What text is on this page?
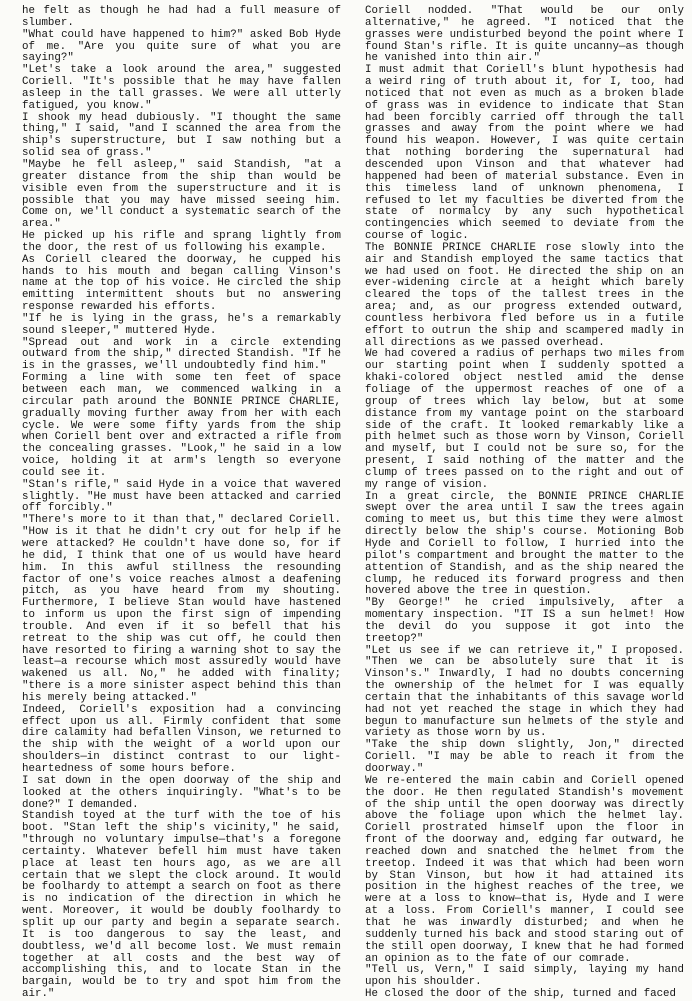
he felt as though he had had a full measure of slumber.

"What could have happened to him?" asked Bob Hyde of me. "Are you quite sure of what you are saying?"

"Let's take a look around the area," suggested Coriell. "It's possible that he may have fallen asleep in the tall grasses. We were all utterly fatigued, you know."

I shook my head dubiously. "I thought the same thing," I said, "and I scanned the area from the ship's superstructure, but I saw nothing but a solid sea of grass."

"Maybe he fell asleep," said Standish, "at a greater distance from the ship than would be visible even from the superstructure and it is possible that you may have missed seeing him. Come on, we'll conduct a systematic search of the area."

He picked up his rifle and sprang lightly from the door, the rest of us following his example.

As Coriell cleared the doorway, he cupped his hands to his mouth and began calling Vinson's name at the top of his voice. He circled the ship emitting intermittent shouts but no answering response rewarded his efforts.

"If he is lying in the grass, he's a remarkably sound sleeper," muttered Hyde.

"Spread out and work in a circle extending outward from the ship," directed Standish. "If he is in the grasses, we'll undoubtedly find him."

Forming a line with some ten feet of space between each man, we commenced walking in a circular path around the BONNIE PRINCE CHARLIE, gradually moving further away from her with each cycle. We were some fifty yards from the ship when Coriell bent over and extracted a rifle from the concealing grasses. "Look," he said in a low voice, holding it at arm's length so everyone could see it.

"Stan's rifle," said Hyde in a voice that wavered slightly. "He must have been attacked and carried off forcibly."

"There's more to it than that," declared Coriell. "How is it that he didn't cry out for help if he were attacked? He couldn't have done so, for if he did, I think that one of us would have heard him. In this awful stillness the resounding factor of one's voice reaches almost a deafening pitch, as you have heard from my shouting. Furthermore, I believe Stan would have hastened to inform us upon the first sign of impending trouble. And even if it so befell that his retreat to the ship was cut off, he could then have resorted to firing a warning shot to say the least—a recourse which most assuredly would have wakened us all. No," he added with finality; "there is a more sinister aspect behind this than his merely being attacked."

Indeed, Coriell's exposition had a convincing effect upon us all. Firmly confident that some dire calamity had befallen Vinson, we returned to the ship with the weight of a world upon our shoulders—in distinct contrast to our light-heartedness of some hours before.

I sat down in the open doorway of the ship and looked at the others inquiringly. "What's to be done?" I demanded.

Standish toyed at the turf with the toe of his boot. "Stan left the ship's vicinity," he said, "through no voluntary impulse—that's a foregone certainty. Whatever befell him must have taken place at least ten hours ago, as we are all certain that we slept the clock around. It would be foolhardy to attempt a search on foot as there is no indication of the direction in which he went. Moreover, it would be doubly foolhardy to split up our party and begin a separate search. It is too dangerous to say the least, and doubtless, we'd all become lost. We must remain together at all costs and the best way of accomplishing this, and to locate Stan in the bargain, would be to try and spot him from the air."

Coriell nodded. "That would be our only alternative," he agreed. "I noticed that the grasses were undisturbed beyond the point where I found Stan's rifle. It is quite uncanny—as though he vanished into thin air."

I must admit that Coriell's blunt hypothesis had a weird ring of truth about it, for I, too, had noticed that not even as much as a broken blade of grass was in evidence to indicate that Stan had been forcibly carried off through the tall grasses and away from the point where we had found his weapon. However, I was quite certain that nothing bordering the supernatural had descended upon Vinson and that whatever had happened had been of material substance. Even in this timeless land of unknown phenomena, I refused to let my faculties be diverted from the state of normalcy by any such hypothetical contingencies which seemed to deviate from the course of logic.

The BONNIE PRINCE CHARLIE rose slowly into the air and Standish employed the same tactics that we had used on foot. He directed the ship on an ever-widening circle at a height which barely cleared the tops of the tallest trees in the area; and, as our progress extended outward, countless herbivora fled before us in a futile effort to outrun the ship and scampered madly in all directions as we passed overhead.

We had covered a radius of perhaps two miles from our starting point when I suddenly spotted a khaki-colored object nestled amid the dense foliage of the uppermost reaches of one of a group of trees which lay below, but at some distance from my vantage point on the starboard side of the craft. It looked remarkably like a pith helmet such as those worn by Vinson, Coriell and myself, but I could not be sure so, for the present, I said nothing of the matter and the clump of trees passed on to the right and out of my range of vision.

In a great circle, the BONNIE PRINCE CHARLIE swept over the area until I saw the trees again coming to meet us, but this time they were almost directly below the ship's course. Motioning Bob Hyde and Coriell to follow, I hurried into the pilot's compartment and brought the matter to the attention of Standish, and as the ship neared the clump, he reduced its forward progress and then hovered above the tree in question.

"By George!" he cried impulsively, after a momentary inspection. "IT IS a sun helmet! How the devil do you suppose it got into the treetop?"

"Let us see if we can retrieve it," I proposed. "Then we can be absolutely sure that it is Vinson's." Inwardly, I had no doubts concerning the ownership of the helmet for I was equally certain that the inhabitants of this savage world had not yet reached the stage in which they had begun to manufacture sun helmets of the style and variety as those worn by us.

"Take the ship down slightly, Jon," directed Coriell. "I may be able to reach it from the doorway."

We re-entered the main cabin and Coriell opened the door. He then regulated Standish's movement of the ship until the open doorway was directly above the foliage upon which the helmet lay. Coriell prostrated himself upon the floor in front of the doorway and, edging far outward, he reached down and snatched the helmet from the treetop. Indeed it was that which had been worn by Stan Vinson, but how it had attained its position in the highest reaches of the tree, we were at a loss to know—that is, Hyde and I were at a loss. From Coriell's manner, I could see that he was inwardly disturbed; and when he suddenly turned his back and stood staring out of the still open doorway, I knew that he had formed an opinion as to the fate of our comrade.

"Tell us, Vern," I said simply, laying my hand upon his shoulder.

He closed the door of the ship, turned and faced
